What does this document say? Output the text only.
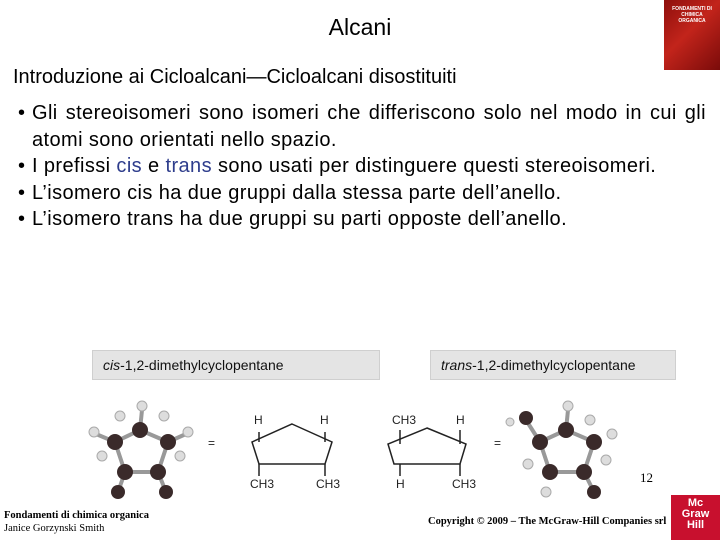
Alcani
FONDAMENTI DI CHIMICA ORGANICA
Introduzione ai Cicloalcani—Cicloalcani disostituiti
• Gli stereoisomeri sono isomeri che differiscono solo nel modo in cui gli atomi sono orientati nello spazio.
• I prefissi cis e trans sono usati per distinguere questi stereoisomeri.
• L’isomero cis ha due gruppi dalla stessa parte dell’anello.
• L’isomero trans ha due gruppi su parti opposte dell’anello.
cis-1,2-dimethylcyclopentane	trans-1,2-dimethylcyclopentane
=
H	H
CH3	CH3
CH3	H
H	CH3
=
12
Fondamenti di chimica organica
Janice Gorzynski Smith
Copyright © 2009 – The McGraw-Hill Companies srl
Mc
Graw
Hill
